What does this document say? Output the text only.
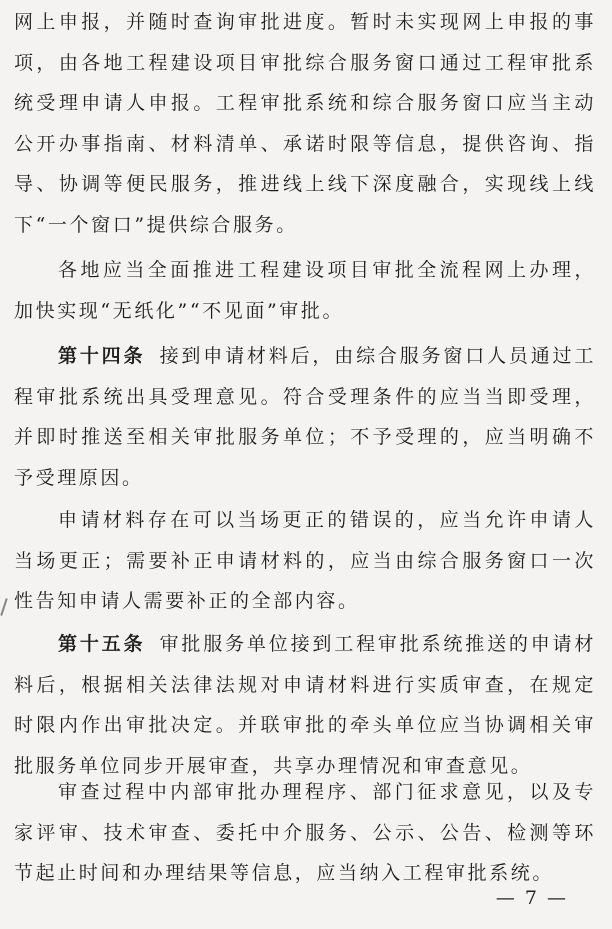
网上申报，并随时查询审批进度。暂时未实现网上申报的事项，由各地工程建设项目审批综合服务窗口通过工程审批系统受理申请人申报。工程审批系统和综合服务窗口应当主动公开办事指南、材料清单、承诺时限等信息，提供咨询、指导、协调等便民服务，推进线上线下深度融合，实现线上线下“一个窗口”提供综合服务。

各地应当全面推进工程建设项目审批全流程网上办理，加快实现“无纸化”“不见面”审批。

第十四条 接到申请材料后，由综合服务窗口人员通过工程审批系统出具受理意见。符合受理条件的应当当即受理，并即时推送至相关审批服务单位；不予受理的，应当明确不予受理原因。

申请材料存在可以当场更正的错误的，应当允许申请人当场更正；需要补正申请材料的，应当由综合服务窗口一次性告知申请人需要补正的全部内容。

第十五条 审批服务单位接到工程审批系统推送的申请材料后，根据相关法律法规对申请材料进行实质审查，在规定时限内作出审批决定。并联审批的牵头单位应当协调相关审批服务单位同步开展审查，共享办理情况和审查意见。

审查过程中内部审批办理程序、部门征求意见，以及专家评审、技术审查、委托中介服务、公示、公告、检测等环节起止时间和办理结果等信息，应当纳入工程审批系统。

— 7 —
